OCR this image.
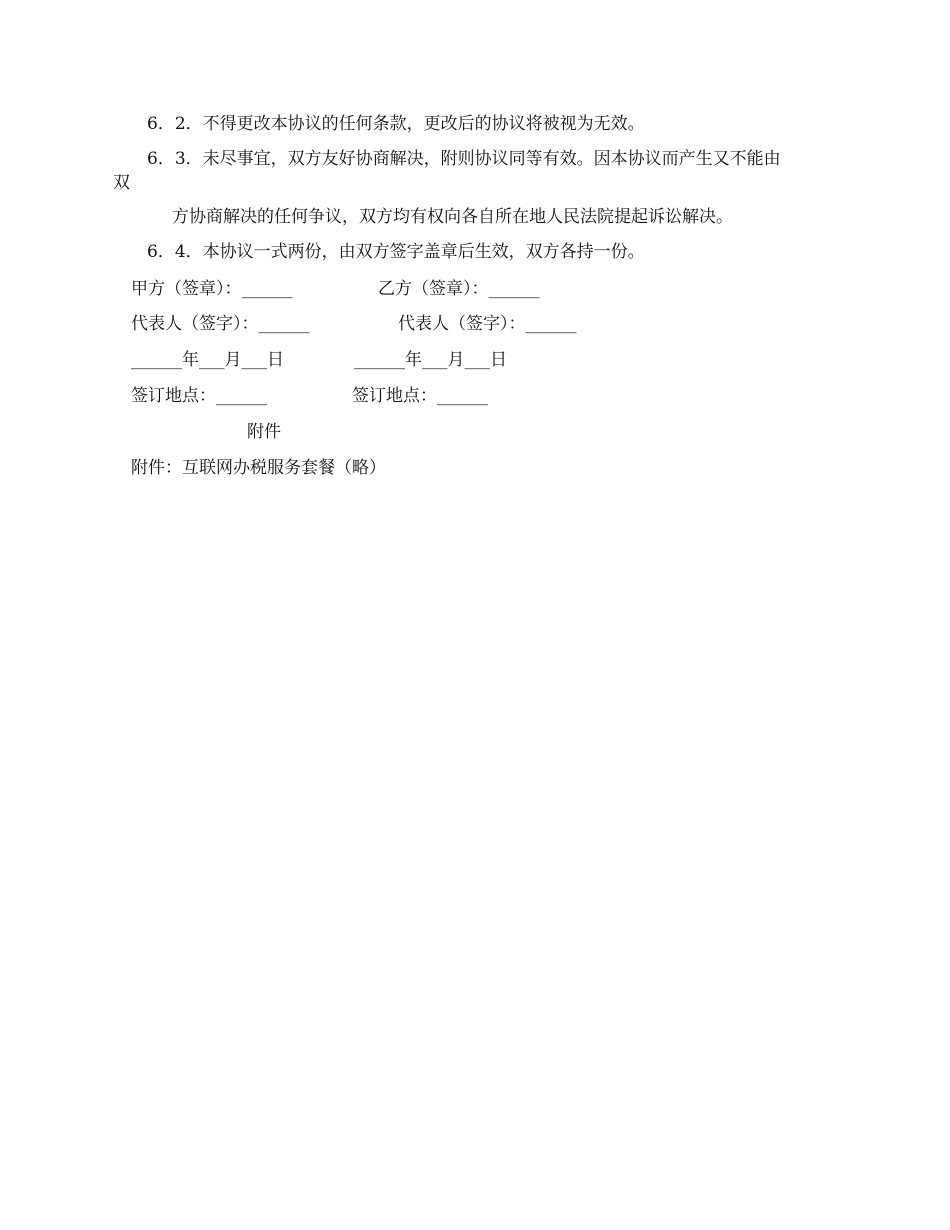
6．2．不得更改本协议的任何条款，更改后的协议将被视为无效。
6．3．未尽事宜，双方友好协商解决，附则协议同等有效。因本协议而产生又不能由
双
方协商解决的任何争议，双方均有权向各自所在地人民法院提起诉讼解决。
6．4．本协议一式两份，由双方签字盖章后生效，双方各持一份。
甲方（签章）：______	乙方（签章）：______
代表人（签字）：______	代表人（签字）：______
______年___月___日	______年___月___日
签订地点：______	签订地点：______
附件
附件：互联网办税服务套餐（略）
